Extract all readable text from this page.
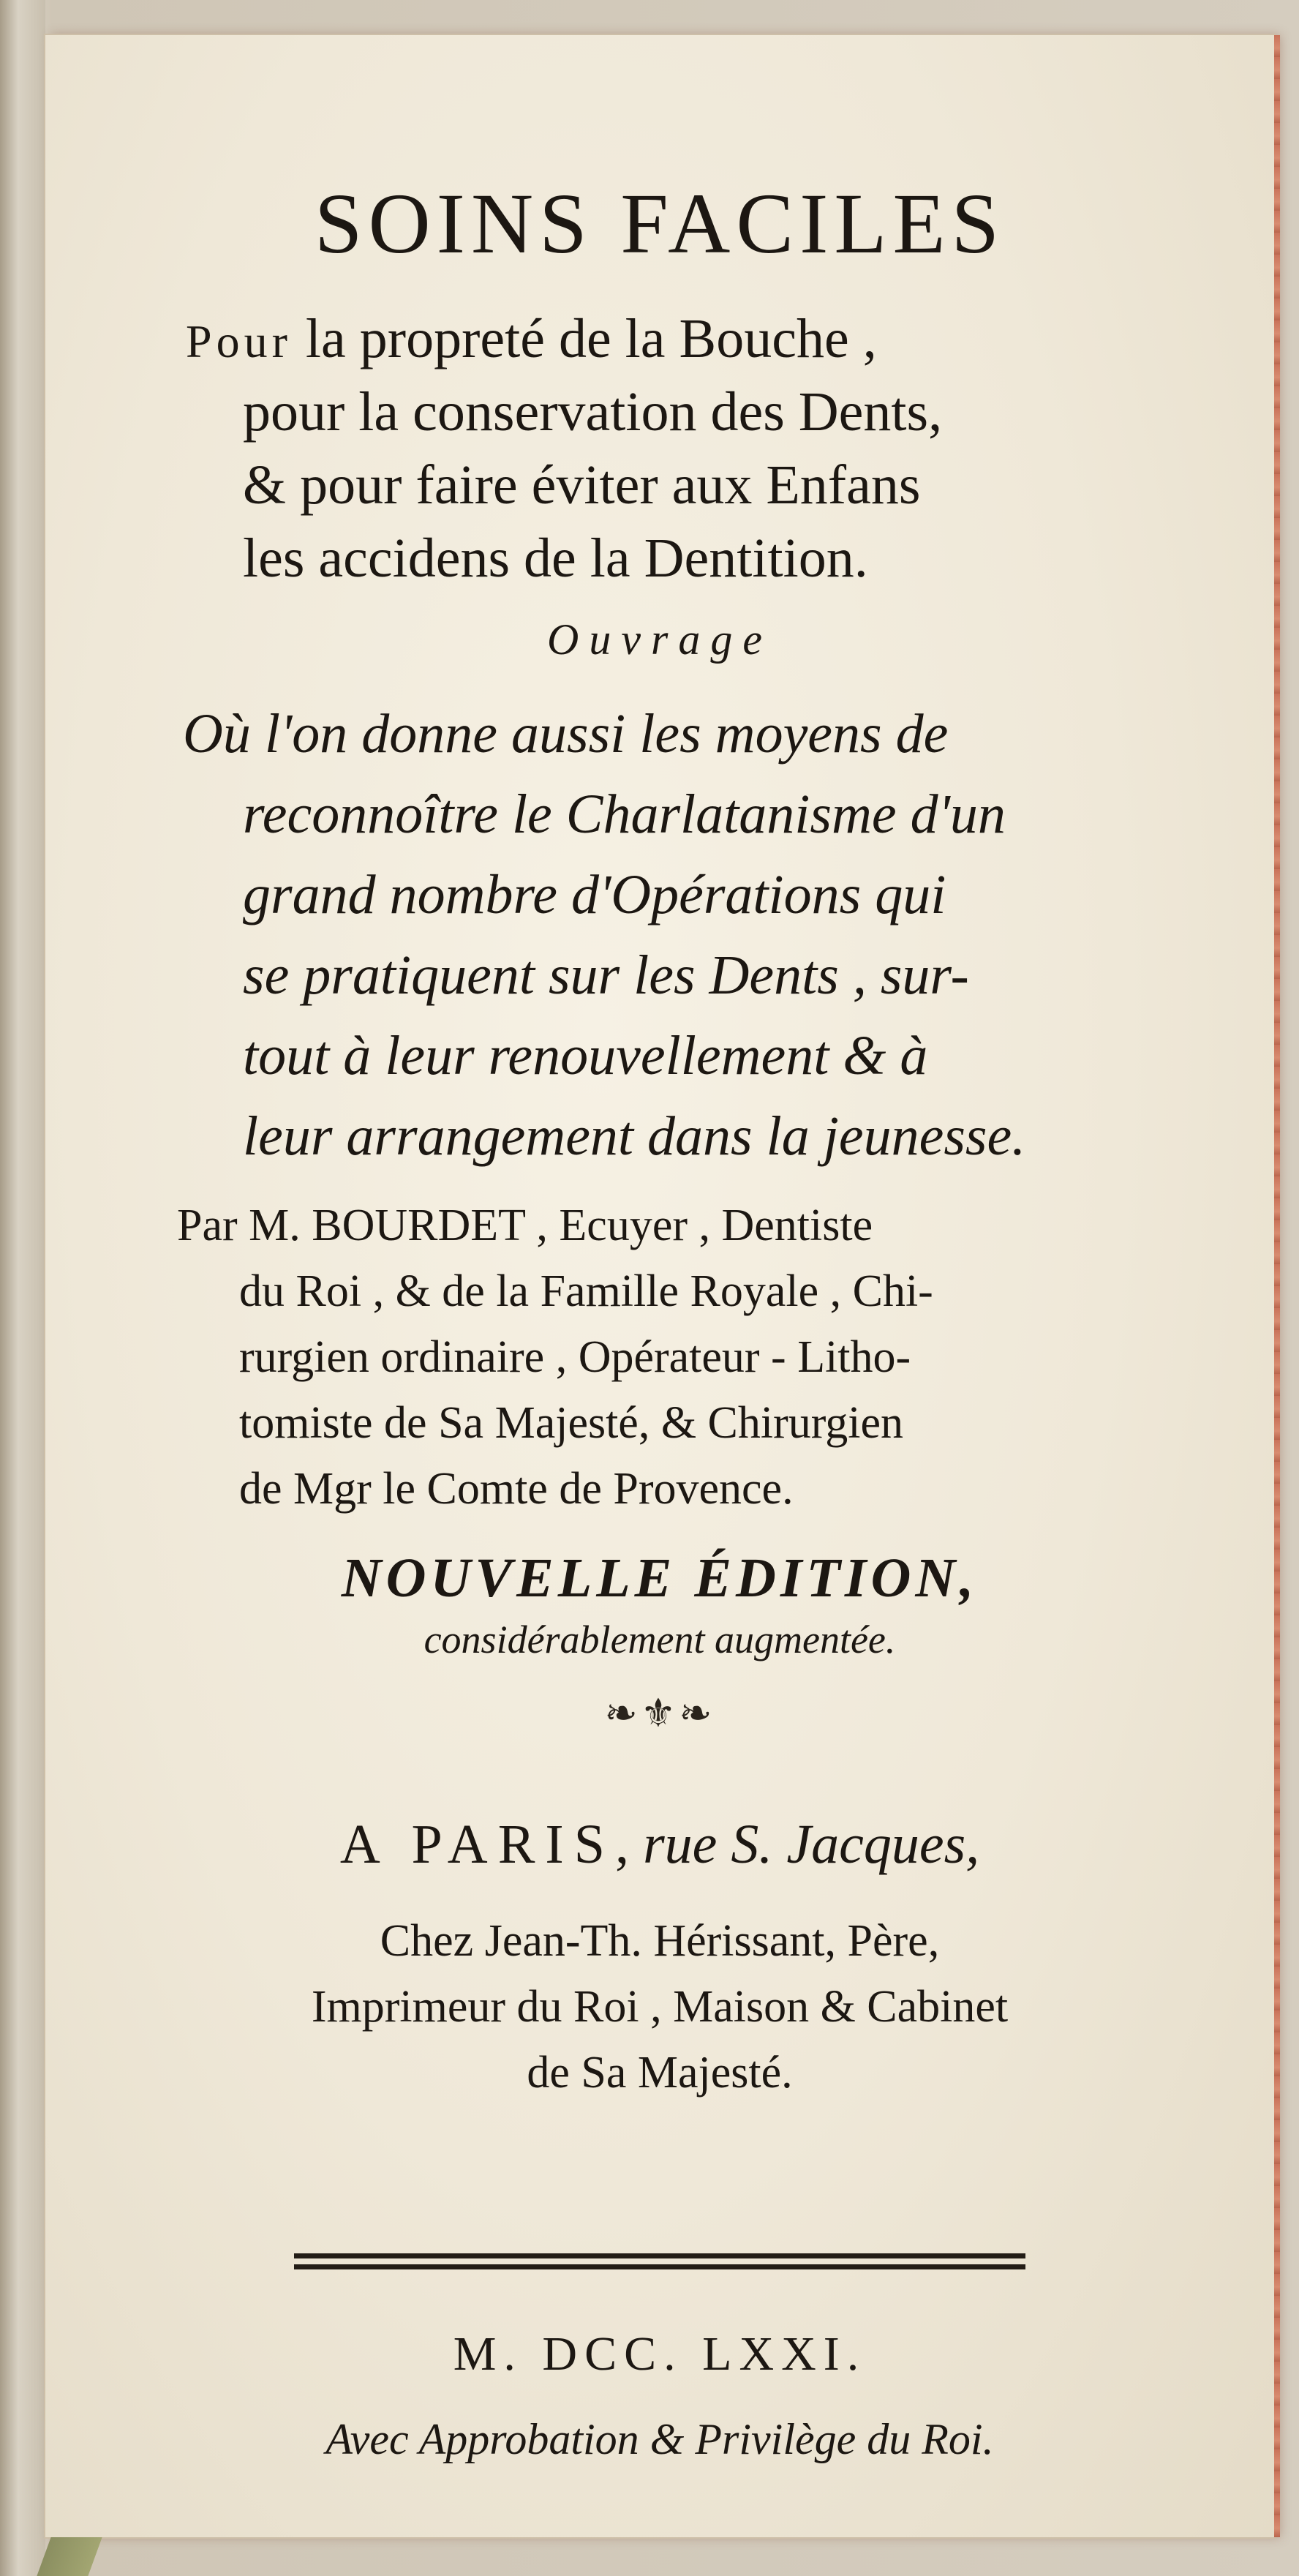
SOINS FACILES
Pour la propreté de la Bouche ,
pour la conservation des Dents,
& pour faire éviter aux Enfans
les accidens de la Dentition.
Ouvrage
Où l'on donne aussi les moyens de
reconnoître le Charlatanisme d'un
grand nombre d'Opérations qui
se pratiquent sur les Dents , sur-
tout à leur renouvellement & à
leur arrangement dans la jeunesse.
Par M. BOURDET , Ecuyer , Dentiste
du Roi , & de la Famille Royale , Chi-
rurgien ordinaire , Opérateur - Litho-
tomiste de Sa Majesté, & Chirurgien
de Mgr le Comte de Provence.
NOUVELLE ÉDITION,
considérablement augmentée.
❧⚜❧
A PARIS, rue S. Jacques,
Chez Jean-Th. Hérissant, Père,
Imprimeur du Roi , Maison & Cabinet
de Sa Majesté.
M. DCC. LXXI.
Avec Approbation & Privilège du Roi.
